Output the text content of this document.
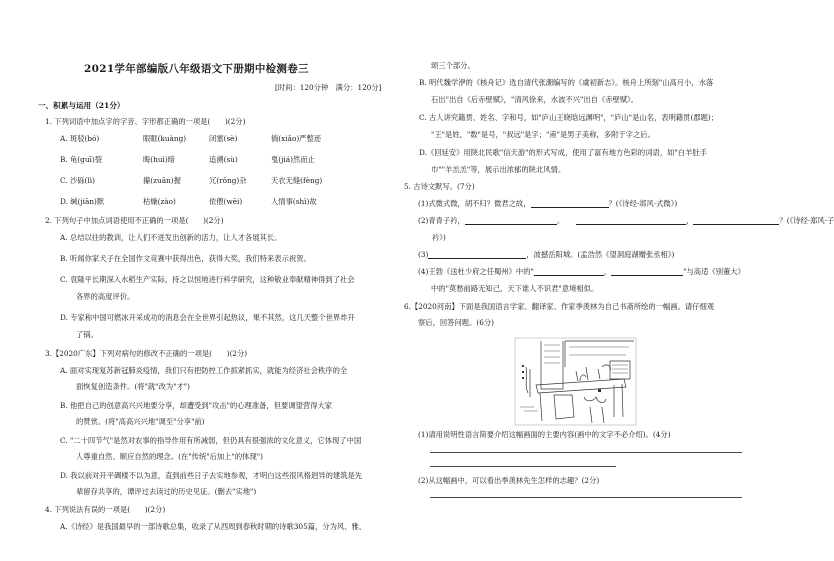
2021学年部编版八年级语文下册期中检测卷三
[时间：120分钟　满分：120分]
一、积累与运用（21分）
1. 下列词语中加点字的字音、字形都正确的一项是(　　)(2分)
A. 斑驳(bó)	眼眶(kuàng)	闭塞(sè)	徜(xiǎo)严整迹
B. 龟(guī)裂	晦(huì)暗	追溯(sù)	戛(jiá)然而止
C. 沙砾(lì)	攥(zuān)握	冗(rǒng)杂	天衣无缝(fèng)
D. 缄(jiān)默	枯燥(zào)	依偎(wēi)	人情事(shì)故
2. 下列句子中加点词语使用不正确的一项是(　　)(2分)
A. 总结以往的教训，让人们不进发出创新的活力，让人才各展其长。
B. 听闻你家犬子在全国作文竞赛中获得出色，获得大奖，我们特来表示祝贺。
C. 袁隆平长期深入水稻生产实际，持之以恒地进行科学研究，这种敬业奉献精神得到了社会
各界的高度评价。
D. 专家称中国可燃冰开采成功的消息会在全世界引起热议，果不其然，这几天整个世界炸开
了锅。
3.【2020广东】下列对病句的修改不正确的一项是(　　)(2分)
A. 面对实现复苏新冠肺炎疫情，我们只有把防控工作抓紧抓实，就能为经济社会秩序的全
面恢复创造条件。(将"就"改为"才")
B. 他把自己的创意高兴兴地要分享，却遭受到"攻击"的心理准备，但要调望营得大家
的赞赏。(将"高高兴兴地"调至"分享"前)
C. "二十四节气"是然对农事的指导作用有所减弱，但仍具有很强浓的文化意义，它体现了中国
人尊重自然、顺应自然的理念。(在"传统"后加上"的体现")
D. 我以前对开平碉楼不以为意，直到前些日子去实地参观，才明白这些很风格迥异的建筑是先
辈留存共享的，谭评过去读过的历史见证。(删去"实地")
4. 下列说法有误的一项是(　　)(2分)
A.《诗经》是我国最早的一部诗歌总集，收录了从西周到春秋时期的诗歌305篇，分为风、雅、
颂三个部分。
B. 明代魏学洢的《核舟记》选自清代张潮编写的《虞初新志》。核舟上所刻"山高月小，水落
石出"出自《后赤壁赋》，"清风徐来，水波不兴"出自《赤壁赋》。
C. 古人讲究籍贯、姓名、字和号，如"庐山王晓晗远渊明"，"庐山"是山名，表明籍贯(郡题)；
"王"是姓，"数"是号，"叔远"是字；"甫"是男子美称，多附于字之后。
D.《回延安》用陕北民歌"信天游"的形式写成，使用了富有地方色彩的词语，如"白羊肚手
巾""羊羔羔"等，展示出浓郁的陕北风情。
5. 古诗文默写。(7分)
(1)式微式微，胡不归？微君之故，	？(《诗经·邶风·式微》)
(2)青青子衿，	。	，	？(《诗经·郑风·子
衿》)
(3)	，波撼岳阳城。(孟浩然《望洞庭湖赠张丞相》)
(4)王勃《送杜少府之任蜀州》中的"	，	"与高适《别董大》
中的"莫愁前路无知己，天下谁人不识君"意境相似。
6.【2020河南】下面是我国语言学家、翻译家、作家季羡林为自己书斋所绘的一幅画。请仔细观
察后，回答问题。(6分)
(1)请用说明性语言简要介绍这幅画面的主要内容(画中的文字不必介绍)。(4分)
(2)从这幅画中，可以看出季羡林先生怎样的志趣？(2分)
